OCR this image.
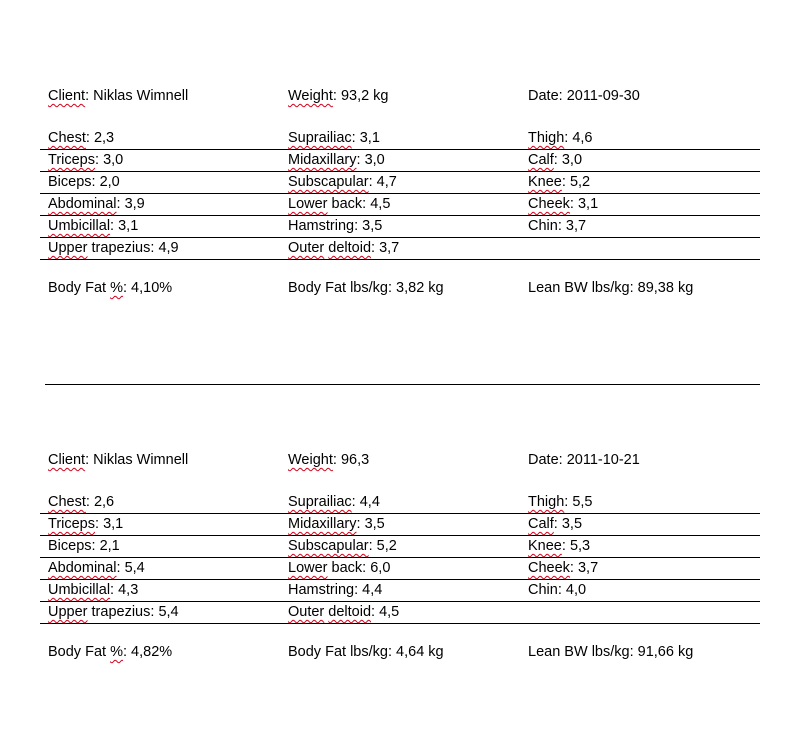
Client: Niklas Wimnell	Weight: 93,2 kg	Date: 2011-09-30
Chest: 2,3	Suprailiac: 3,1	Thigh: 4,6
Triceps: 3,0	Midaxillary: 3,0	Calf: 3,0
Biceps: 2,0	Subscapular: 4,7	Knee: 5,2
Abdominal: 3,9	Lower back: 4,5	Cheek: 3,1
Umbicillal: 3,1	Hamstring: 3,5	Chin: 3,7
Upper trapezius: 4,9	Outer deltoid: 3,7
Body Fat %: 4,10%	Body Fat lbs/kg: 3,82 kg	Lean BW lbs/kg: 89,38 kg
Client: Niklas Wimnell	Weight: 96,3	Date: 2011-10-21
Chest: 2,6	Suprailiac: 4,4	Thigh: 5,5
Triceps: 3,1	Midaxillary: 3,5	Calf: 3,5
Biceps: 2,1	Subscapular: 5,2	Knee: 5,3
Abdominal: 5,4	Lower back: 6,0	Cheek: 3,7
Umbicillal: 4,3	Hamstring: 4,4	Chin: 4,0
Upper trapezius: 5,4	Outer deltoid: 4,5
Body Fat %: 4,82%	Body Fat lbs/kg: 4,64 kg	Lean BW lbs/kg: 91,66 kg
